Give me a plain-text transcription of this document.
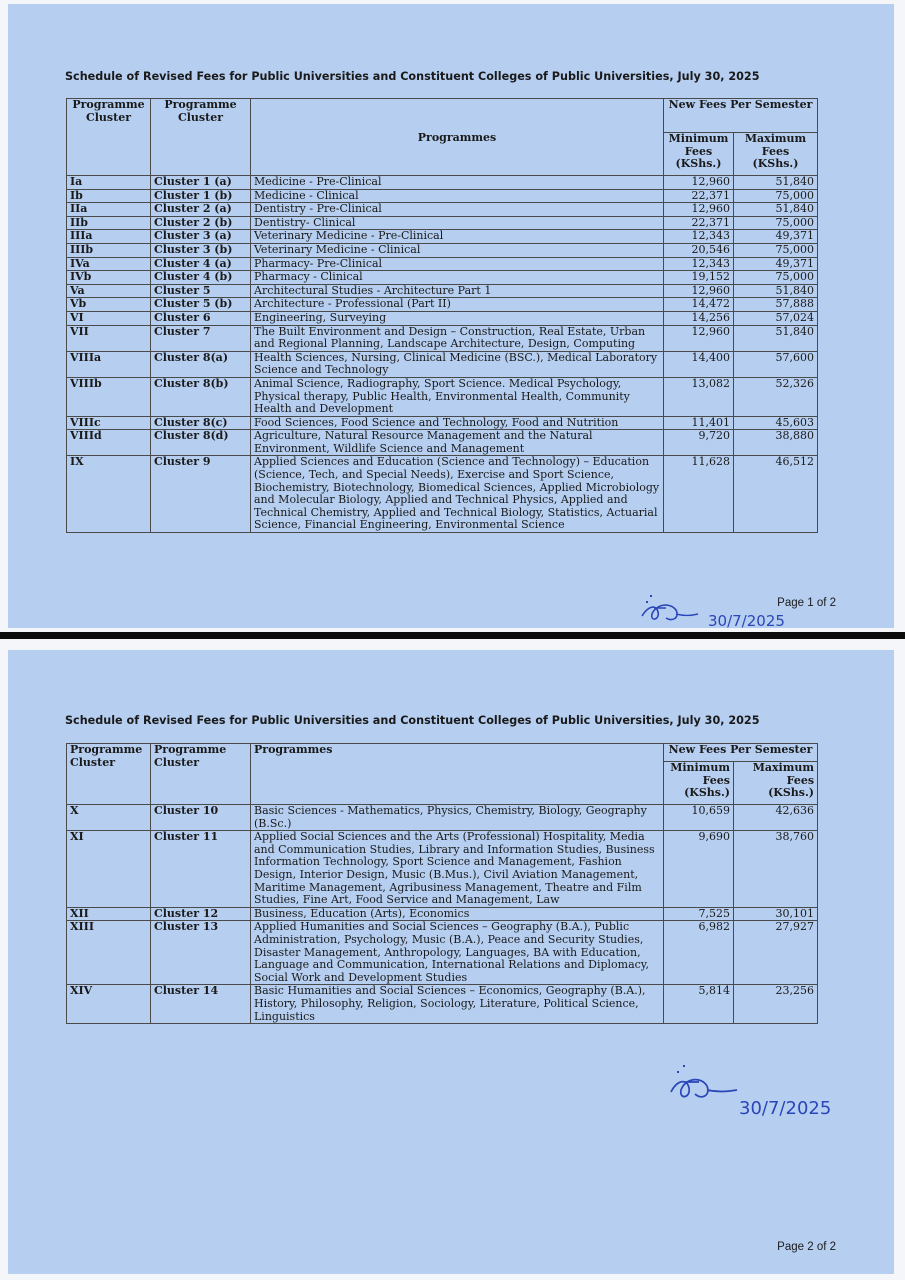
Schedule of Revised Fees for Public Universities and Constituent Colleges of Public Universities, July 30, 2025
Programme Cluster	Programme Cluster	Programmes	New Fees Per Semester	
			Minimum Fees (KShs.)	Maximum Fees (KShs.)
Ia	Cluster 1 (a)	Medicine - Pre-Clinical	12,960	51,840
Ib	Cluster 1 (b)	Medicine - Clinical	22,371	75,000
IIa	Cluster 2 (a)	Dentistry - Pre-Clinical	12,960	51,840
IIb	Cluster 2 (b)	Dentistry- Clinical	22,371	75,000
IIIa	Cluster 3 (a)	Veterinary Medicine - Pre-Clinical	12,343	49,371
IIIb	Cluster 3 (b)	Veterinary Medicine - Clinical	20,546	75,000
IVa	Cluster 4 (a)	Pharmacy- Pre-Clinical	12,343	49,371
IVb	Cluster 4 (b)	Pharmacy - Clinical	19,152	75,000
Va	Cluster 5	Architectural Studies - Architecture Part 1	12,960	51,840
Vb	Cluster 5 (b)	Architecture - Professional (Part II)	14,472	57,888
VI	Cluster 6	Engineering, Surveying	14,256	57,024
VII	Cluster 7	The Built Environment and Design – Construction, Real Estate, Urban and Regional Planning, Landscape Architecture, Design, Computing	12,960	51,840
VIIIa	Cluster 8(a)	Health Sciences, Nursing, Clinical Medicine (BSC.), Medical Laboratory Science and Technology	14,400	57,600
VIIIb	Cluster 8(b)	Animal Science, Radiography, Sport Science. Medical Psychology, Physical therapy, Public Health, Environmental Health, Community Health and Development	13,082	52,326
VIIIc	Cluster 8(c)	Food Sciences, Food Science and Technology, Food and Nutrition	11,401	45,603
VIIId	Cluster 8(d)	Agriculture, Natural Resource Management and the Natural Environment, Wildlife Science and Management	9,720	38,880
IX	Cluster 9	Applied Sciences and Education (Science and Technology) – Education (Science, Tech, and Special Needs), Exercise and Sport Science, Biochemistry, Biotechnology, Biomedical Sciences, Applied Microbiology and Molecular Biology, Applied and Technical Physics, Applied and Technical Chemistry, Applied and Technical Biology, Statistics, Actuarial Science, Financial Engineering, Environmental Science	11,628	46,512
30/7/2025
Page 1 of 2
Schedule of Revised Fees for Public Universities and Constituent Colleges of Public Universities, July 30, 2025
Programme Cluster	Programme Cluster	Programmes	New Fees Per Semester	
			Minimum Fees (KShs.)	Maximum Fees (KShs.)
X	Cluster 10	Basic Sciences - Mathematics, Physics, Chemistry, Biology, Geography (B.Sc.)	10,659	42,636
XI	Cluster 11	Applied Social Sciences and the Arts (Professional) Hospitality, Media and Communication Studies, Library and Information Studies, Business Information Technology, Sport Science and Management, Fashion Design, Interior Design, Music (B.Mus.), Civil Aviation Management, Maritime Management, Agribusiness Management, Theatre and Film Studies, Fine Art, Food Service and Management, Law	9,690	38,760
XII	Cluster 12	Business, Education (Arts), Economics	7,525	30,101
XIII	Cluster 13	Applied Humanities and Social Sciences – Geography (B.A.), Public Administration, Psychology, Music (B.A.), Peace and Security Studies, Disaster Management, Anthropology, Languages, BA with Education, Language and Communication, International Relations and Diplomacy, Social Work and Development Studies	6,982	27,927
XIV	Cluster 14	Basic Humanities and Social Sciences – Economics, Geography (B.A.), History, Philosophy, Religion, Sociology, Literature, Political Science, Linguistics	5,814	23,256
30/7/2025
Page 2 of 2
